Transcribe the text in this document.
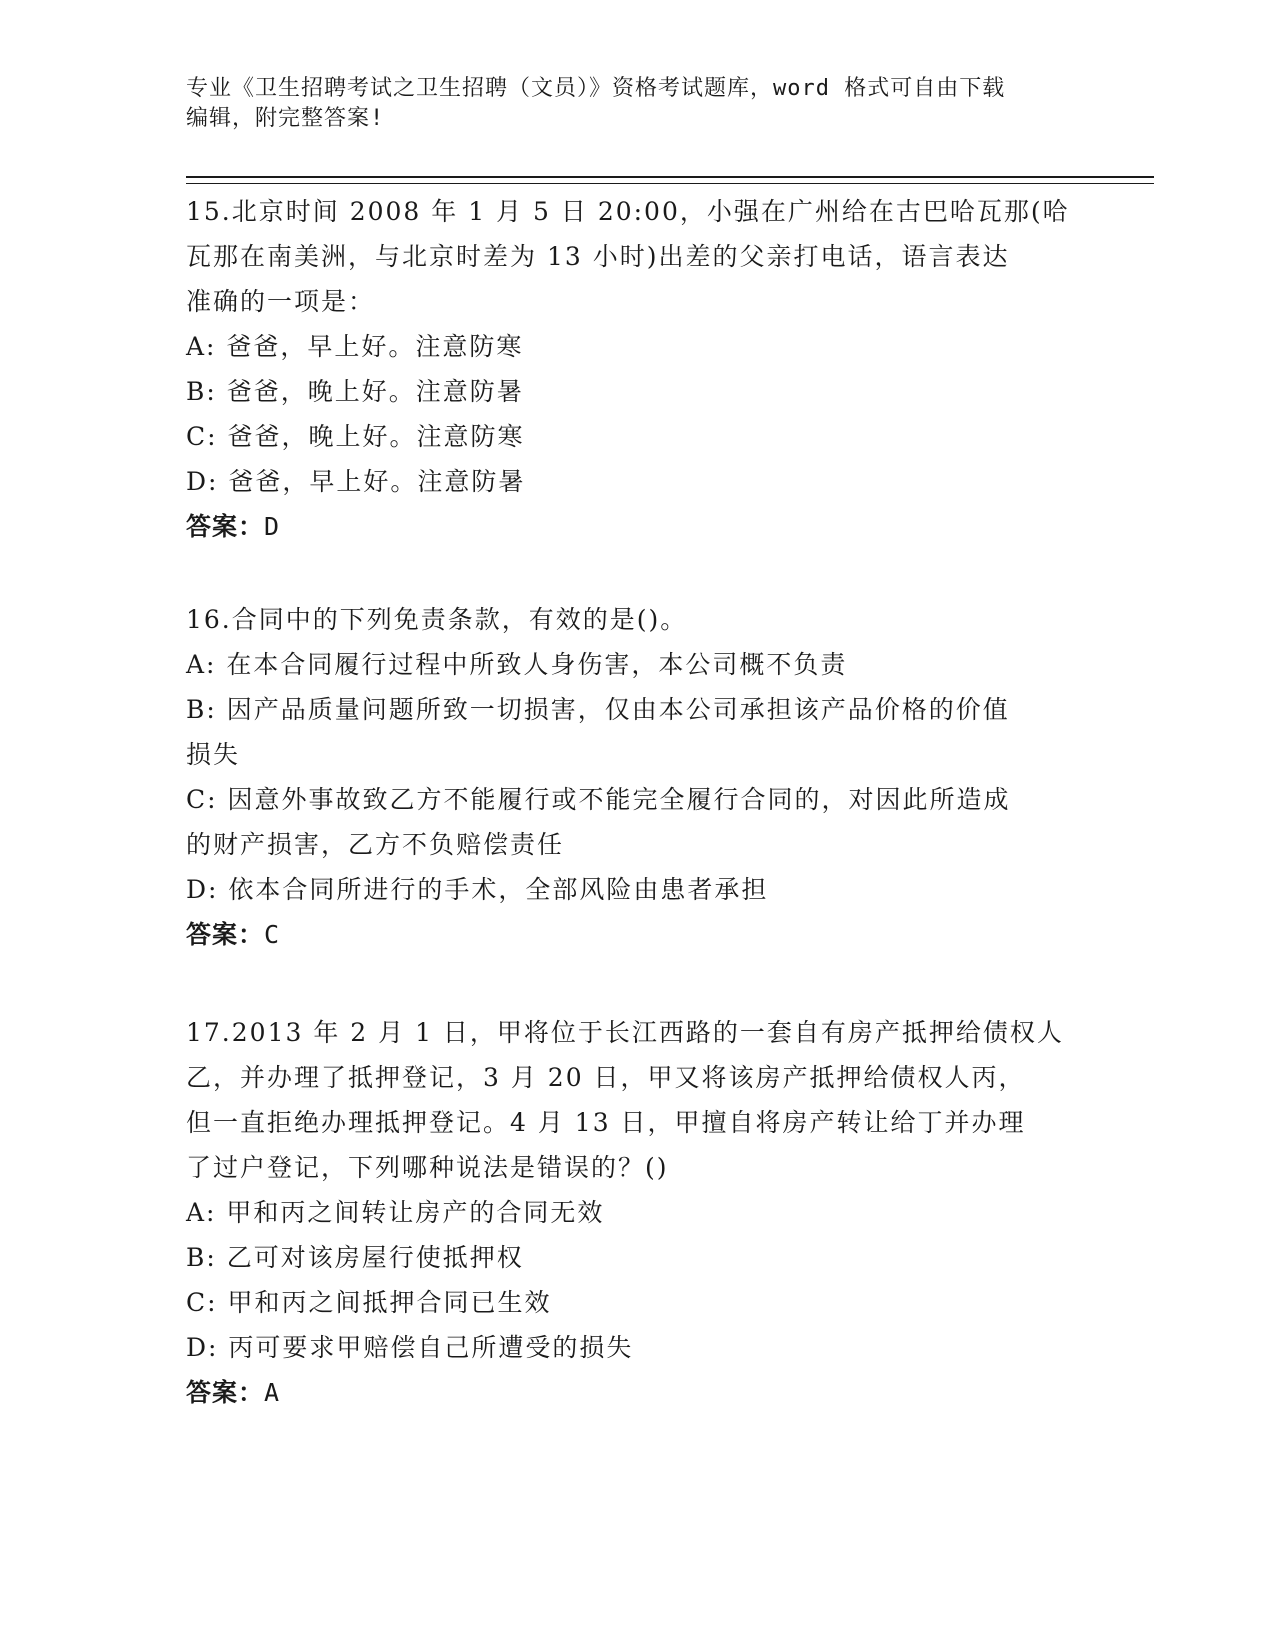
专业《卫生招聘考试之卫生招聘（文员）》资格考试题库，word 格式可自由下载
编辑，附完整答案!
15.北京时间 2008 年 1 月 5 日 20:00，小强在广州给在古巴哈瓦那(哈
瓦那在南美洲，与北京时差为 13 小时)出差的父亲打电话，语言表达
准确的一项是：
A: 爸爸，早上好。注意防寒
B: 爸爸，晚上好。注意防暑
C: 爸爸，晚上好。注意防寒
D: 爸爸，早上好。注意防暑
答案：D
16.合同中的下列免责条款，有效的是()。
A: 在本合同履行过程中所致人身伤害，本公司概不负责
B: 因产品质量问题所致一切损害，仅由本公司承担该产品价格的价值
损失
C: 因意外事故致乙方不能履行或不能完全履行合同的，对因此所造成
的财产损害，乙方不负赔偿责任
D: 依本合同所进行的手术，全部风险由患者承担
答案：C
17.2013 年 2 月 1 日，甲将位于长江西路的一套自有房产抵押给债权人
乙，并办理了抵押登记，3 月 20 日，甲又将该房产抵押给债权人丙，
但一直拒绝办理抵押登记。4 月 13 日，甲擅自将房产转让给丁并办理
了过户登记，下列哪种说法是错误的？()
A: 甲和丙之间转让房产的合同无效
B: 乙可对该房屋行使抵押权
C: 甲和丙之间抵押合同已生效
D: 丙可要求甲赔偿自己所遭受的损失
答案：A
